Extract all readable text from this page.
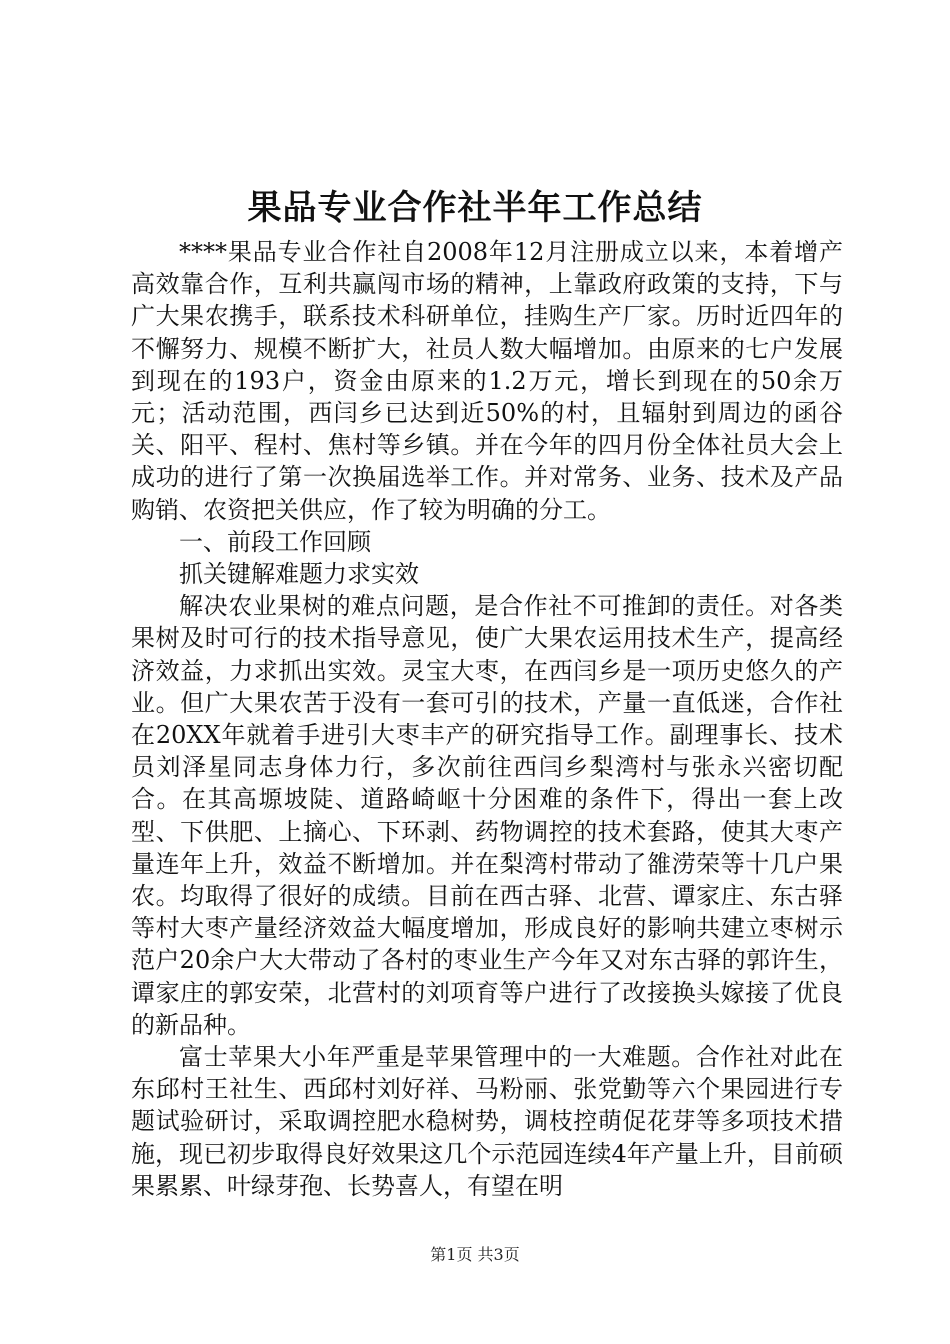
果品专业合作社半年工作总结

****果品专业合作社自2008年12月注册成立以来，本着增产高效靠合作，互利共赢闯市场的精神，上靠政府政策的支持，下与广大果农携手，联系技术科研单位，挂购生产厂家。历时近四年的不懈努力、规模不断扩大，社员人数大幅增加。由原来的七户发展到现在的193户，资金由原来的1.2万元，增长到现在的50余万元；活动范围，西闫乡已达到近50%的村，且辐射到周边的函谷关、阳平、程村、焦村等乡镇。并在今年的四月份全体社员大会上成功的进行了第一次换届选举工作。并对常务、业务、技术及产品购销、农资把关供应，作了较为明确的分工。

一、前段工作回顾

抓关键解难题力求实效

解决农业果树的难点问题，是合作社不可推卸的责任。对各类果树及时可行的技术指导意见，使广大果农运用技术生产，提高经济效益，力求抓出实效。灵宝大枣，在西闫乡是一项历史悠久的产业。但广大果农苦于没有一套可引的技术，产量一直低迷，合作社在20XX年就着手进引大枣丰产的研究指导工作。副理事长、技术员刘泽星同志身体力行，多次前往西闫乡梨湾村与张永兴密切配合。在其高塬坡陡、道路崎岖十分困难的条件下，得出一套上改型、下供肥、上摘心、下环剥、药物调控的技术套路，使其大枣产量连年上升，效益不断增加。并在梨湾村带动了雒涝荣等十几户果农。均取得了很好的成绩。目前在西古驿、北营、谭家庄、东古驿等村大枣产量经济效益大幅度增加，形成良好的影响共建立枣树示范户20余户大大带动了各村的枣业生产今年又对东古驿的郭许生，谭家庄的郭安荣，北营村的刘项育等户进行了改接换头嫁接了优良的新品种。

富士苹果大小年严重是苹果管理中的一大难题。合作社对此在东邱村王社生、西邱村刘好祥、马粉丽、张党勤等六个果园进行专题试验研讨，采取调控肥水稳树势，调枝控萌促花芽等多项技术措施，现已初步取得良好效果这几个示范园连续4年产量上升，目前硕果累累、叶绿芽孢、长势喜人，有望在明

第1页 共3页
